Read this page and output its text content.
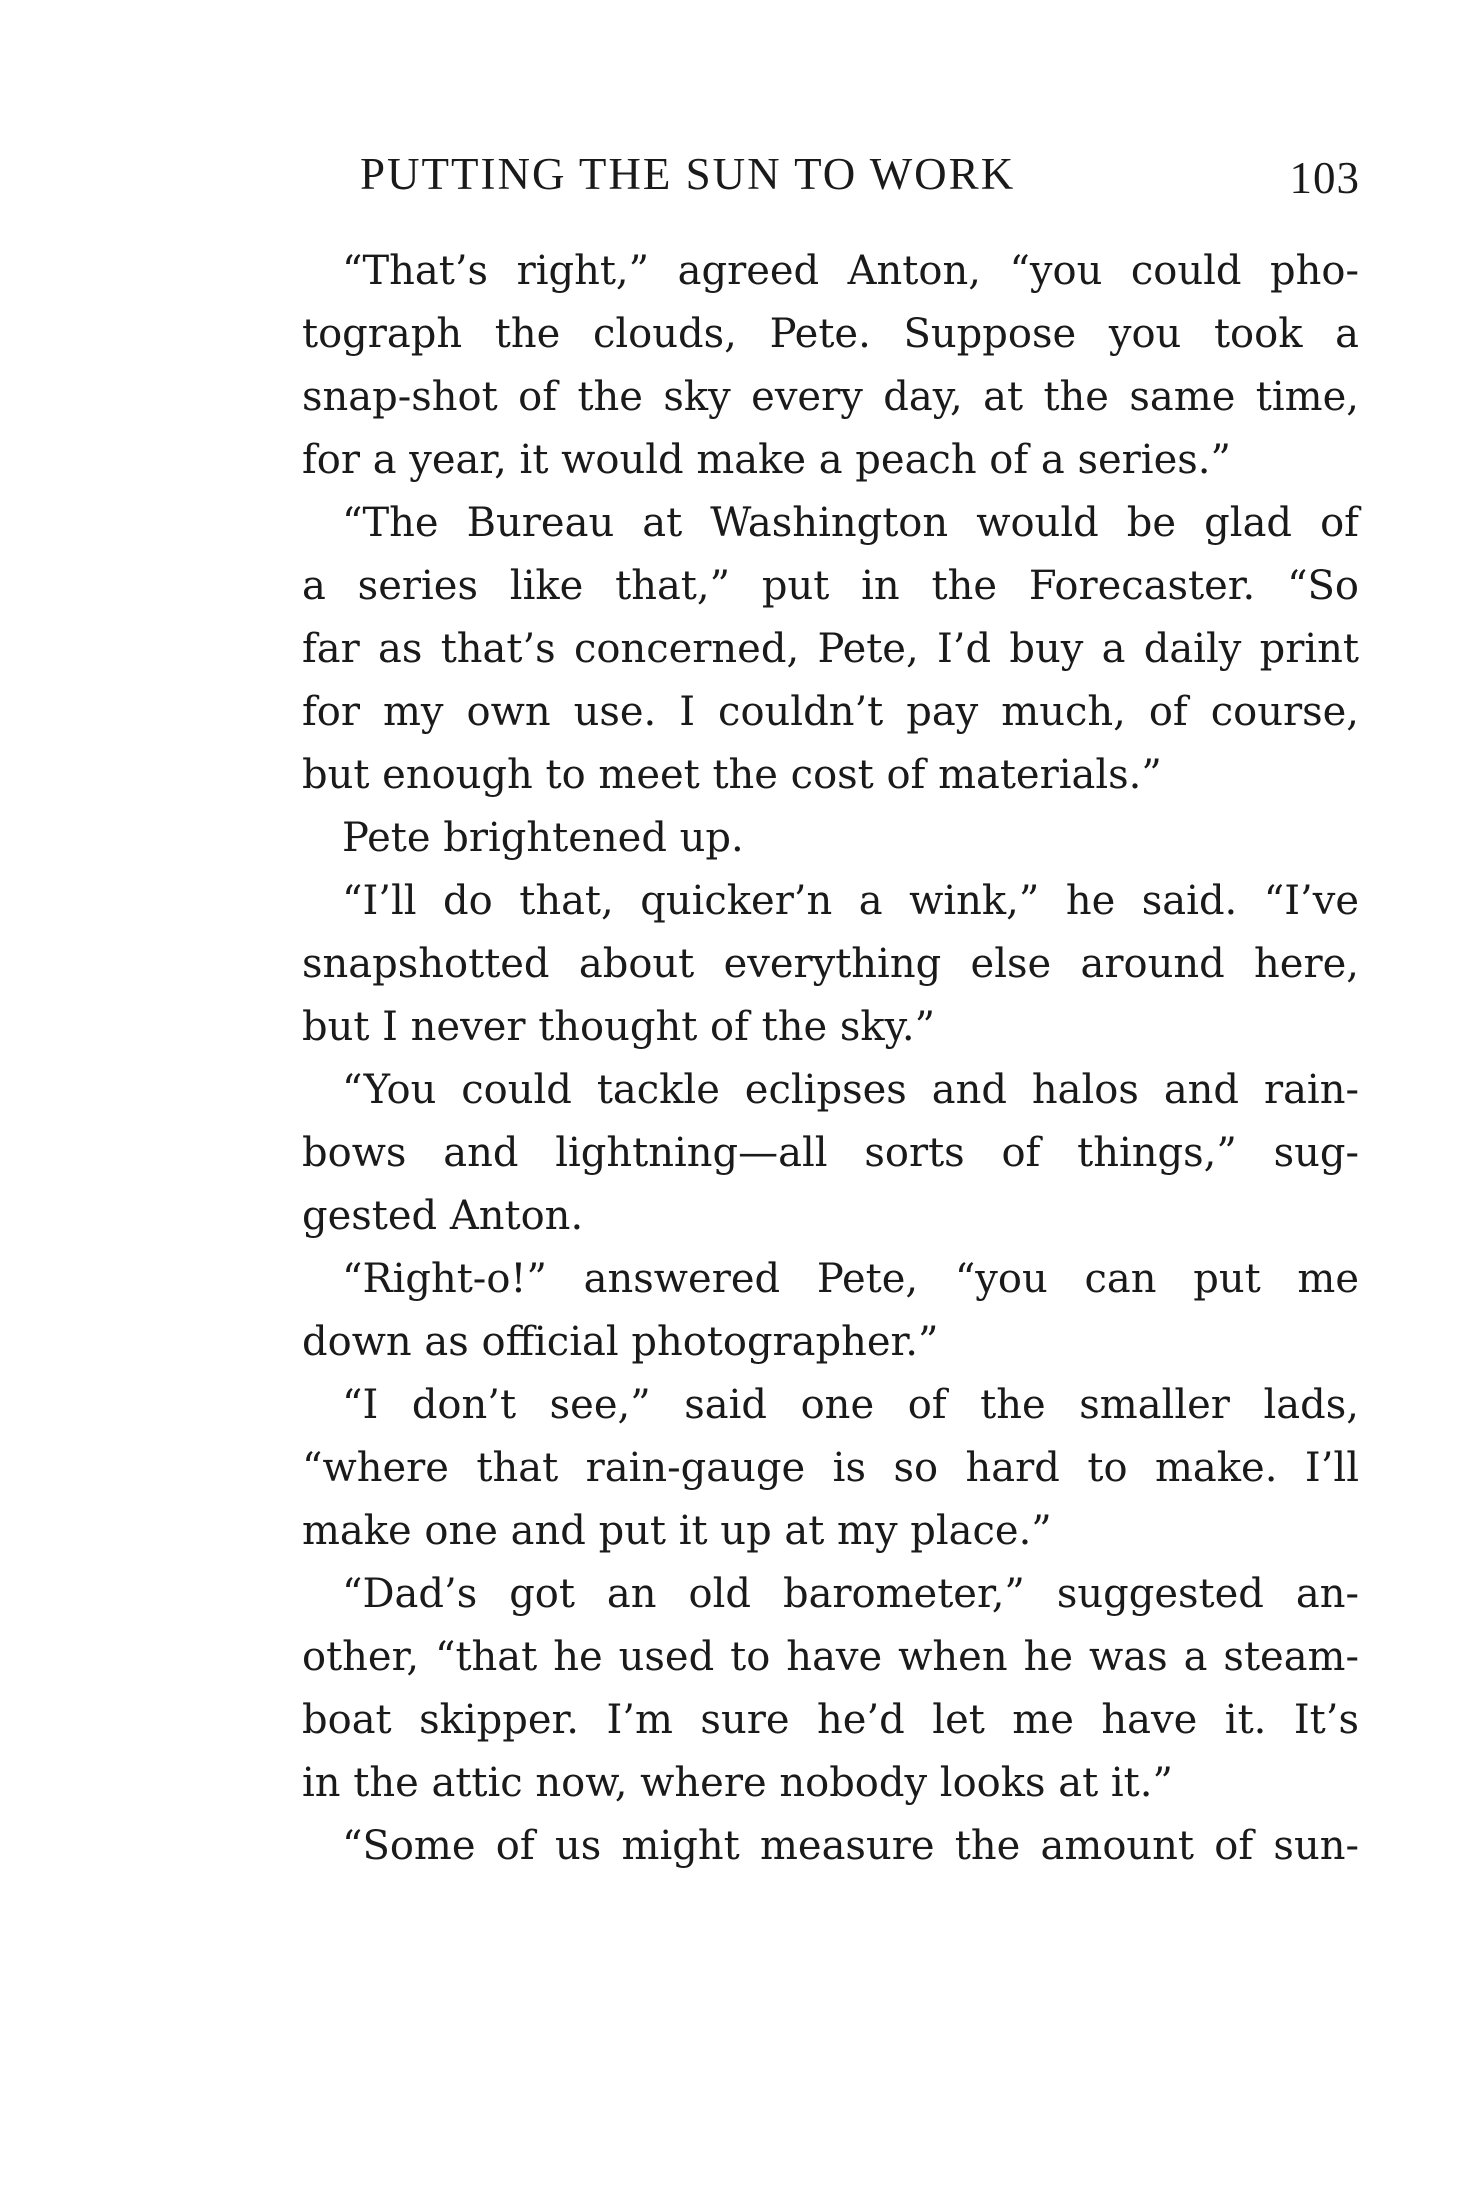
PUTTING THE SUN TO WORK	103
“That’s right,” agreed Anton, “you could pho-
tograph the clouds, Pete. Suppose you took a
snap-shot of the sky every day, at the same time,
for a year, it would make a peach of a series.”
“The Bureau at Washington would be glad of
a series like that,” put in the Forecaster. “So
far as that’s concerned, Pete, I’d buy a daily print
for my own use. I couldn’t pay much, of course,
but enough to meet the cost of materials.”
Pete brightened up.
“I’ll do that, quicker’n a wink,” he said. “I’ve
snapshotted about everything else around here,
but I never thought of the sky.”
“You could tackle eclipses and halos and rain-
bows and lightning—all sorts of things,” sug-
gested Anton.
“Right-o!” answered Pete, “you can put me
down as official photographer.”
“I don’t see,” said one of the smaller lads,
“where that rain-gauge is so hard to make. I’ll
make one and put it up at my place.”
“Dad’s got an old barometer,” suggested an-
other, “that he used to have when he was a steam-
boat skipper. I’m sure he’d let me have it. It’s
in the attic now, where nobody looks at it.”
“Some of us might measure the amount of sun-
